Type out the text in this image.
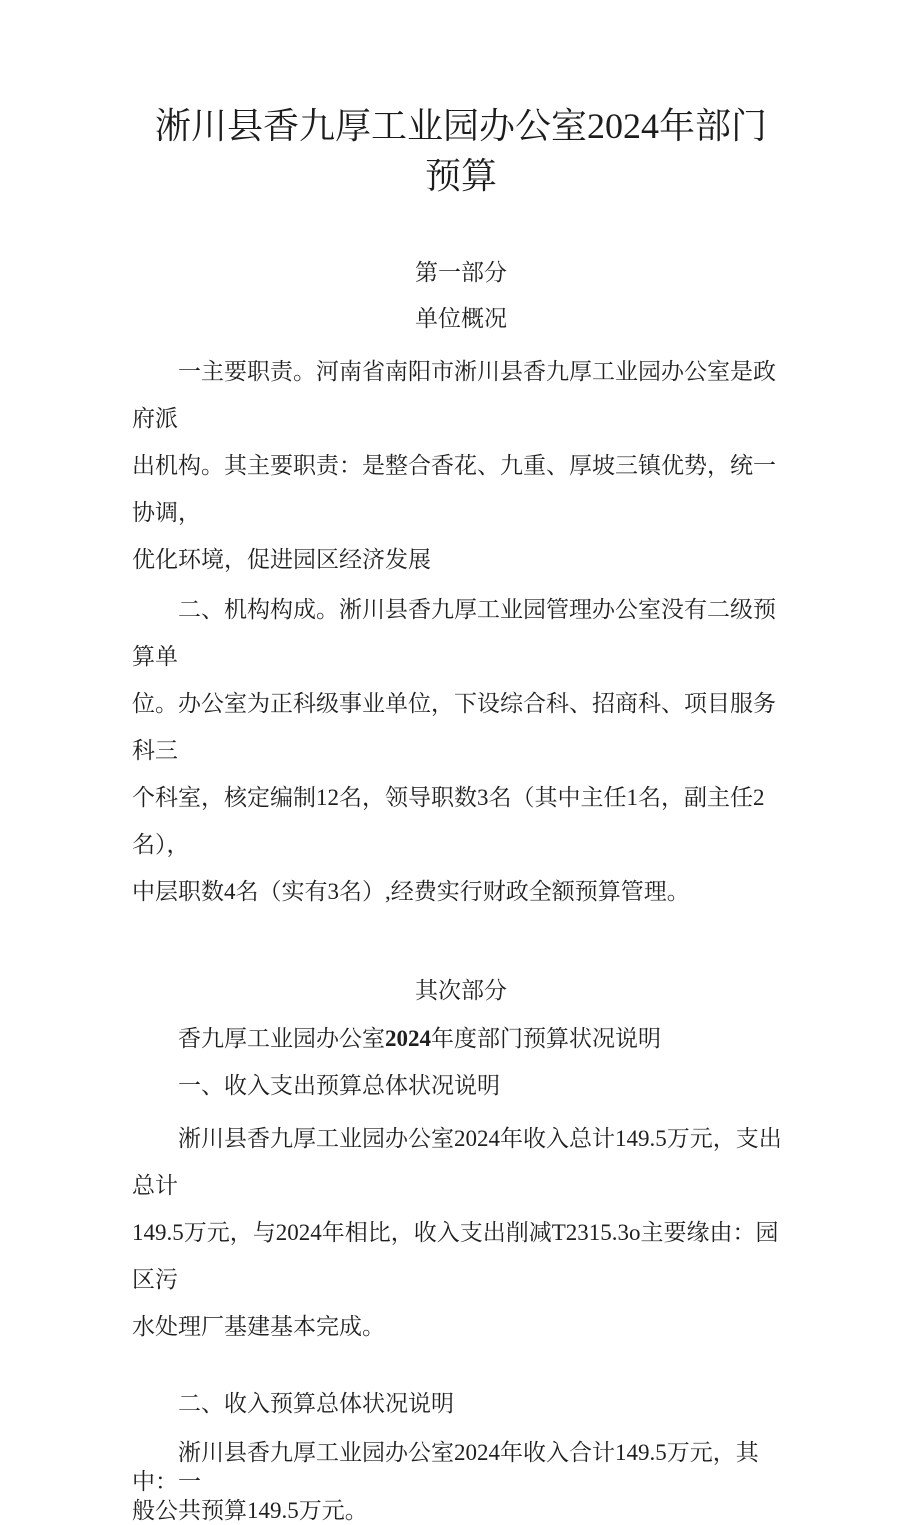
淅川县香九厚工业园办公室2024年部门
预算
第一部分
单位概况
一主要职责。河南省南阳市淅川县香九厚工业园办公室是政府派
出机构。其主要职责：是整合香花、九重、厚坡三镇优势，统一协调，
优化环境，促进园区经济发展
二、机构构成。淅川县香九厚工业园管理办公室没有二级预算单
位。办公室为正科级事业单位，下设综合科、招商科、项目服务科三
个科室，核定编制12名，领导职数3名（其中主任1名，副主任2名），
中层职数4名（实有3名）,经费实行财政全额预算管理。
其次部分
香九厚工业园办公室2024年度部门预算状况说明
一、收入支出预算总体状况说明
淅川县香九厚工业园办公室2024年收入总计149.5万元，支出总计
149.5万元，与2024年相比，收入支出削减T2315.3o主要缘由：园区污
水处理厂基建基本完成。
二、收入预算总体状况说明
淅川县香九厚工业园办公室2024年收入合计149.5万元，其中：一
般公共预算149.5万元。
